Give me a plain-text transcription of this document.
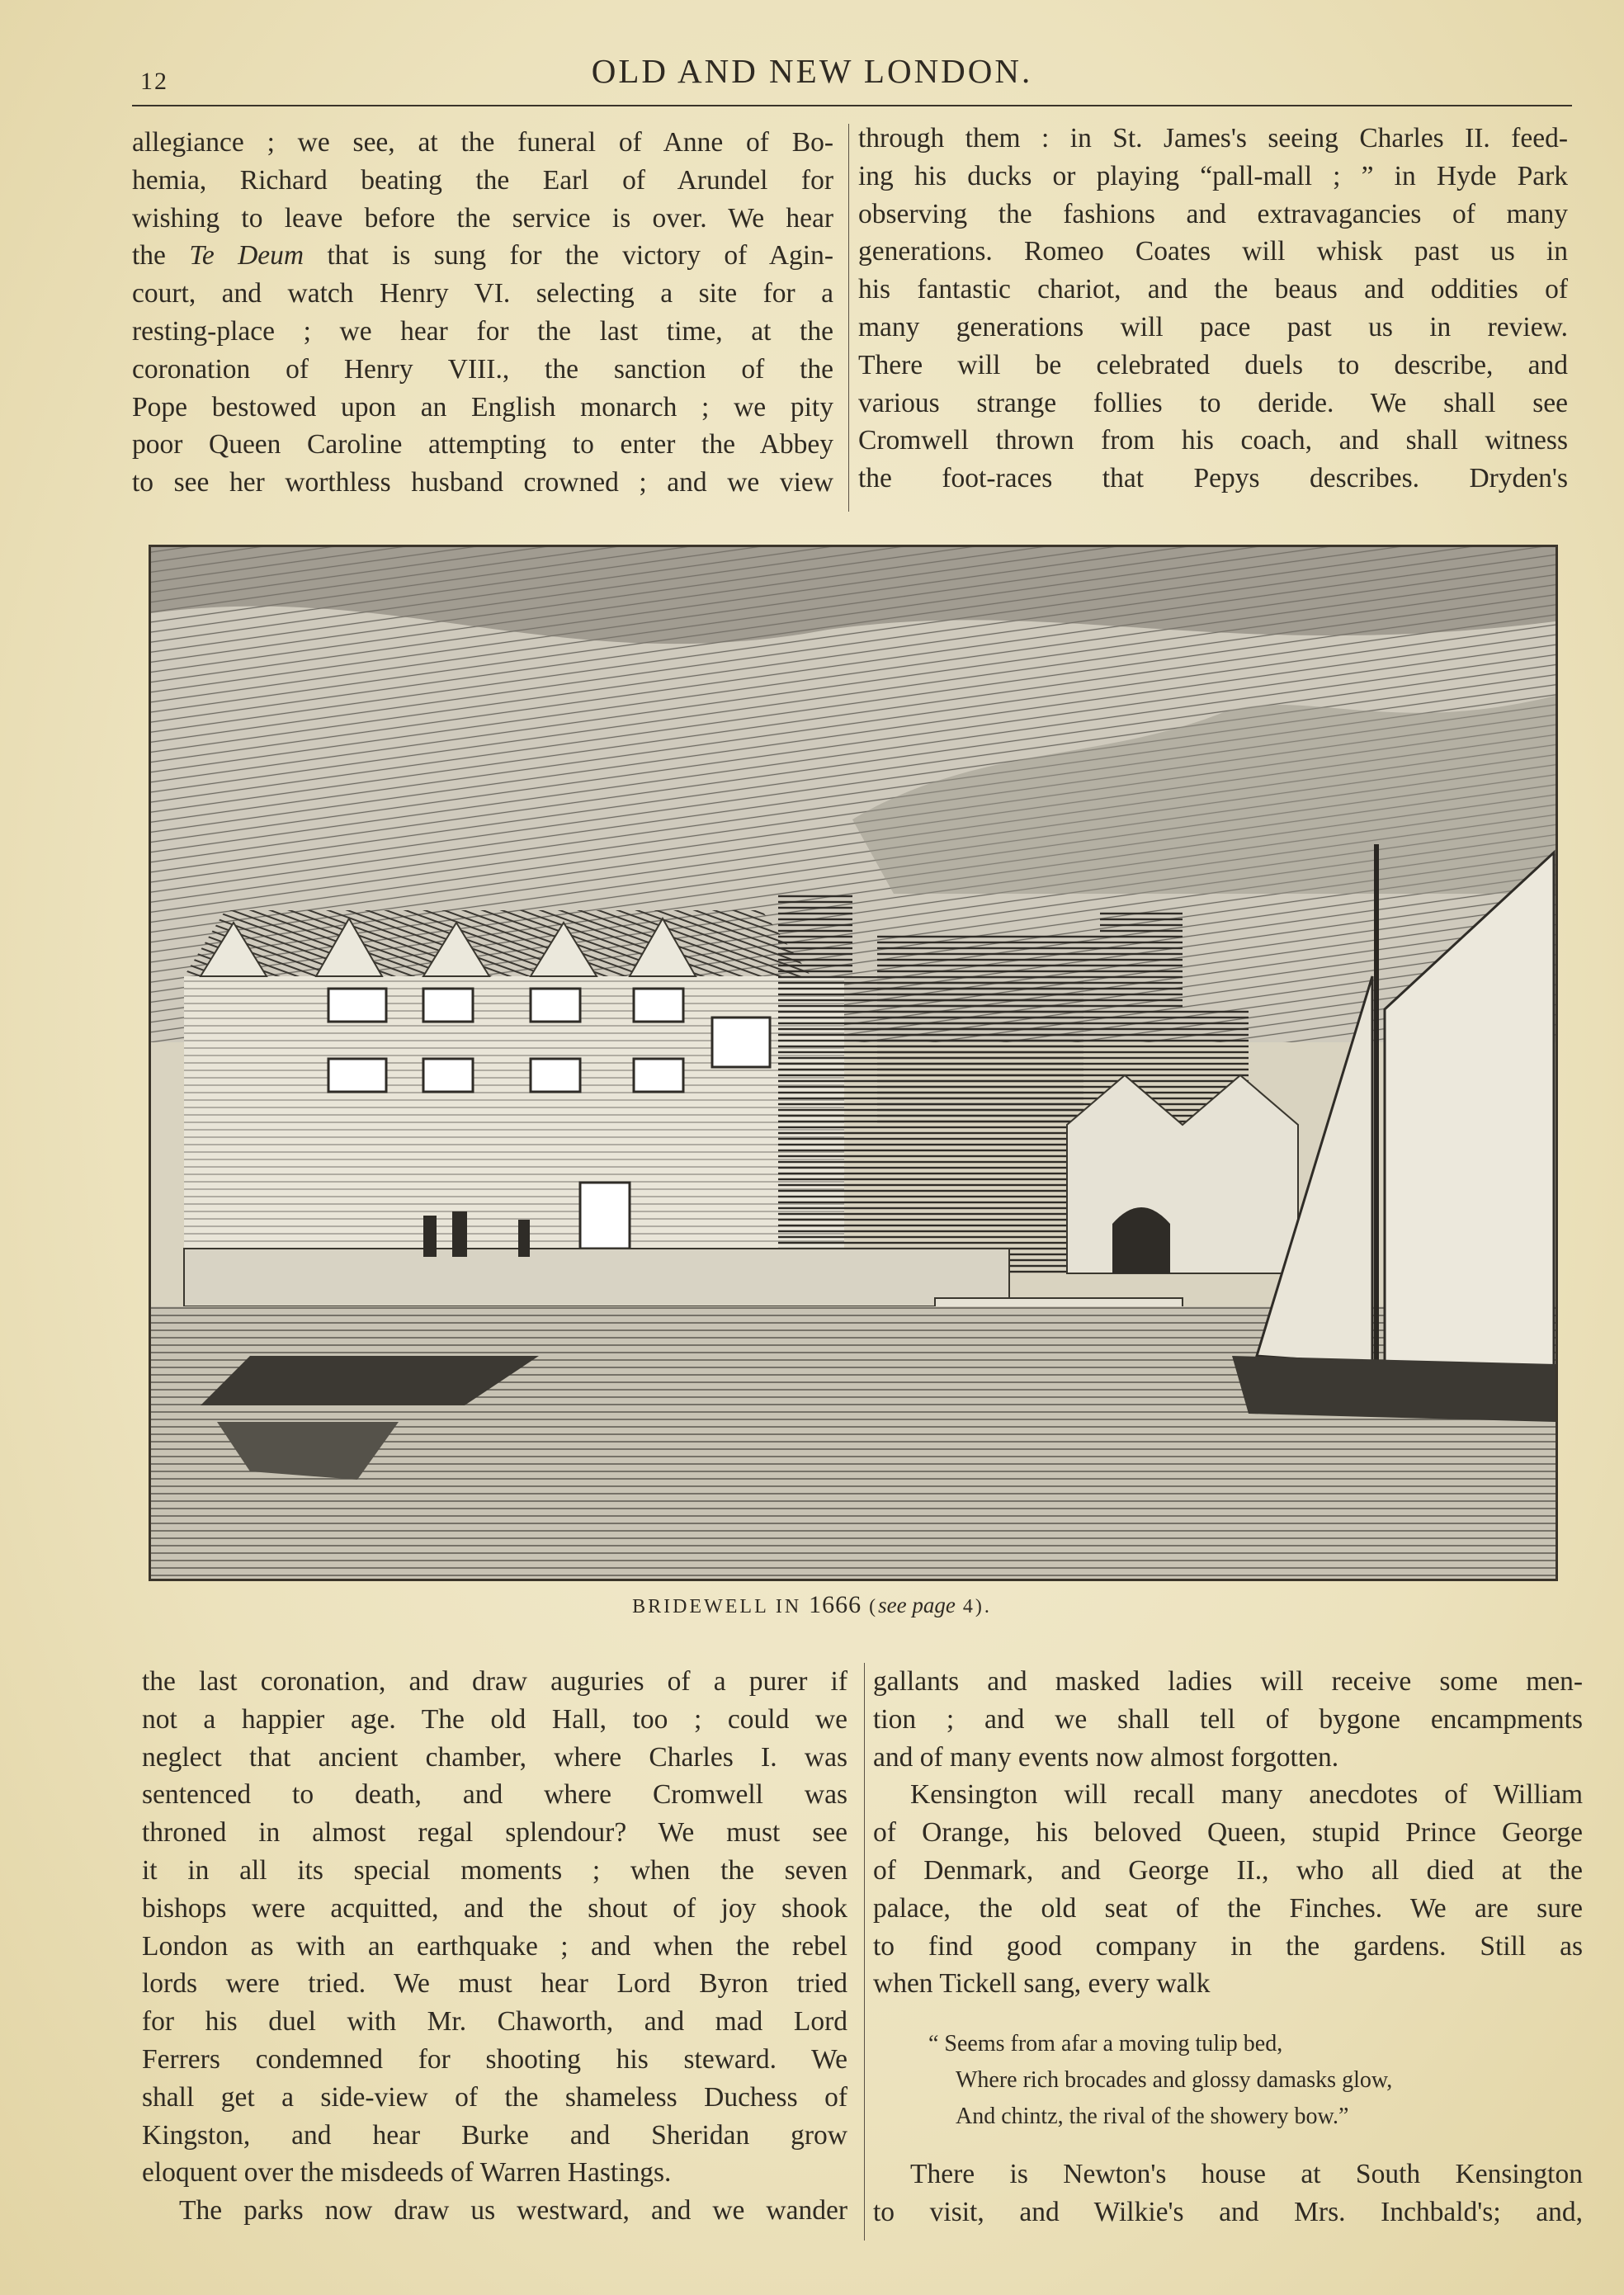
12	OLD AND NEW LONDON.
allegiance ; we see, at the funeral of Anne of Bo-
hemia, Richard beating the Earl of Arundel for
wishing to leave before the service is over. We hear
the Te Deum that is sung for the victory of Agin-
court, and watch Henry VI. selecting a site for a
resting-place ; we hear for the last time, at the
coronation of Henry VIII., the sanction of the
Pope bestowed upon an English monarch ; we pity
poor Queen Caroline attempting to enter the Abbey
to see her worthless husband crowned ; and we view
through them : in St. James's seeing Charles II. feed-
ing his ducks or playing “pall-mall ; ” in Hyde Park
observing the fashions and extravagancies of many
generations. Romeo Coates will whisk past us in
his fantastic chariot, and the beaus and oddities of
many generations will pace past us in review.
There will be celebrated duels to describe, and
various strange follies to deride. We shall see
Cromwell thrown from his coach, and shall witness
the foot-races that Pepys describes. Dryden's
BRIDEWELL IN 1666 (see page 4).
the last coronation, and draw auguries of a purer if
not a happier age. The old Hall, too ; could we
neglect that ancient chamber, where Charles I. was
sentenced to death, and where Cromwell was
throned in almost regal splendour? We must see
it in all its special moments ; when the seven
bishops were acquitted, and the shout of joy shook
London as with an earthquake ; and when the rebel
lords were tried. We must hear Lord Byron tried
for his duel with Mr. Chaworth, and mad Lord
Ferrers condemned for shooting his steward. We
shall get a side-view of the shameless Duchess of
Kingston, and hear Burke and Sheridan grow
eloquent over the misdeeds of Warren Hastings.
The parks now draw us westward, and we wander
gallants and masked ladies will receive some men-
tion ; and we shall tell of bygone encampments
and of many events now almost forgotten.
Kensington will recall many anecdotes of William
of Orange, his beloved Queen, stupid Prince George
of Denmark, and George II., who all died at the
palace, the old seat of the Finches. We are sure
to find good company in the gardens. Still as
when Tickell sang, every walk
“ Seems from afar a moving tulip bed,
Where rich brocades and glossy damasks glow,
And chintz, the rival of the showery bow.”
There is Newton's house at South Kensington
to visit, and Wilkie's and Mrs. Inchbald's; and,
